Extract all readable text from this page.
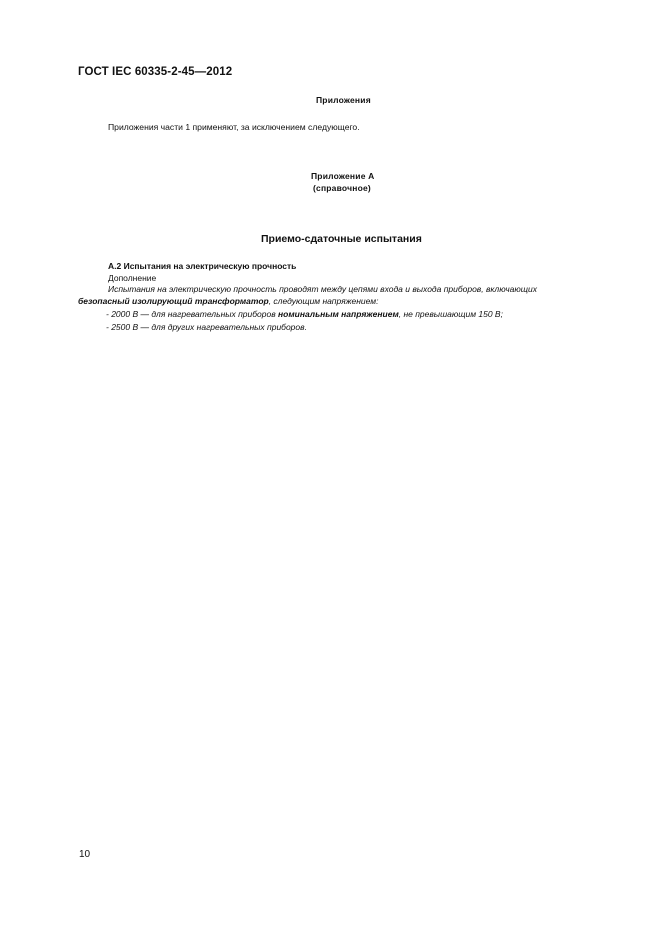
ГОСТ IEC 60335-2-45—2012
Приложения
Приложения части 1 применяют, за исключением следующего.
Приложение А
(справочное)
Приемо-сдаточные испытания
А.2 Испытания на электрическую прочность
Дополнение
Испытания на электрическую прочность проводят между цепями входа и выхода приборов, включающих
безопасный изолирующий трансформатор, следующим напряжением:
- 2000 В — для нагревательных приборов номинальным напряжением, не превышающим 150 В;
- 2500 В — для других нагревательных приборов.
10
